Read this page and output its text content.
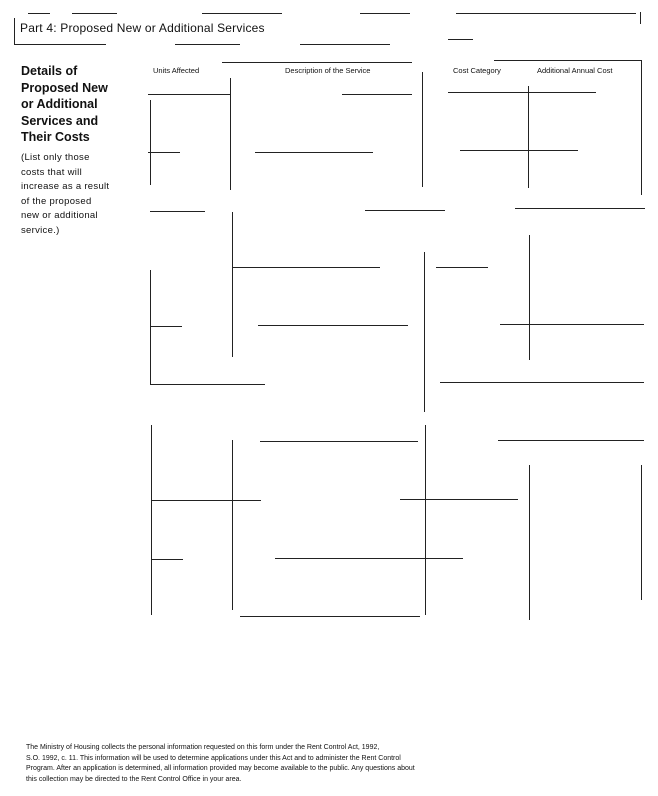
Part 4: Proposed New or Additional Services
Details of
Proposed New
or Additional
Services and
Their Costs
(List only those
costs that will
increase as a result
of the proposed
new or additional
service.)
Units Affected	Description of the Service	Cost Category	Additional Annual Cost
The Ministry of Housing collects the personal information requested on this form under the Rent Control Act, 1992,
S.O. 1992, c. 11. This information will be used to determine applications under this Act and to administer the Rent Control
Program. After an application is determined, all information provided may become available to the public. Any questions about
this collection may be directed to the Rent Control Office in your area.
